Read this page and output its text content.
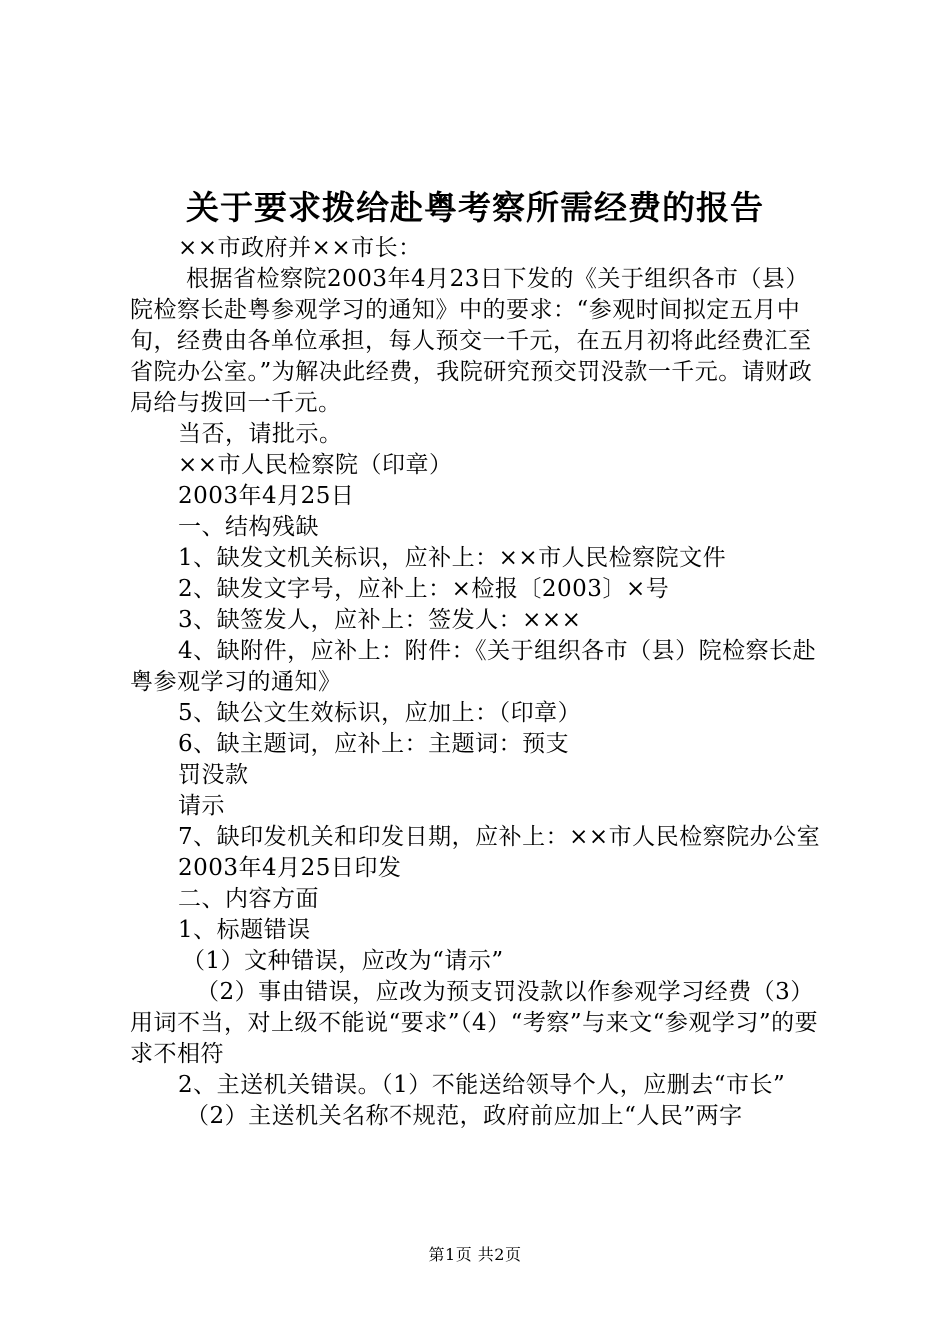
关于要求拨给赴粤考察所需经费的报告

××市政府并××市长：

根据省检察院2003年4月23日下发的《关于组织各市（县）院检察长赴粤参观学习的通知》中的要求：“参观时间拟定五月中旬，经费由各单位承担，每人预交一千元，在五月初将此经费汇至省院办公室。”为解决此经费，我院研究预交罚没款一千元。请财政局给与拨回一千元。

当否，请批示。

××市人民检察院（印章）

2003年4月25日

一、结构残缺

1、缺发文机关标识，应补上：××市人民检察院文件

2、缺发文字号，应补上：×检报〔2003〕×号

3、缺签发人，应补上：签发人：×××

4、缺附件，应补上：附件：《关于组织各市（县）院检察长赴粤参观学习的通知》

5、缺公文生效标识，应加上：（印章）

6、缺主题词，应补上：主题词：预支

罚没款

请示

7、缺印发机关和印发日期，应补上：××市人民检察院办公室

2003年4月25日印发

二、内容方面

1、标题错误

（1）文种错误，应改为“请示”

（2）事由错误，应改为预支罚没款以作参观学习经费（3）用词不当，对上级不能说“要求”（4）“考察”与来文“参观学习”的要求不相符

2、主送机关错误。（1）不能送给领导个人，应删去“市长”

（2）主送机关名称不规范，政府前应加上“人民”两字

第1页 共2页
